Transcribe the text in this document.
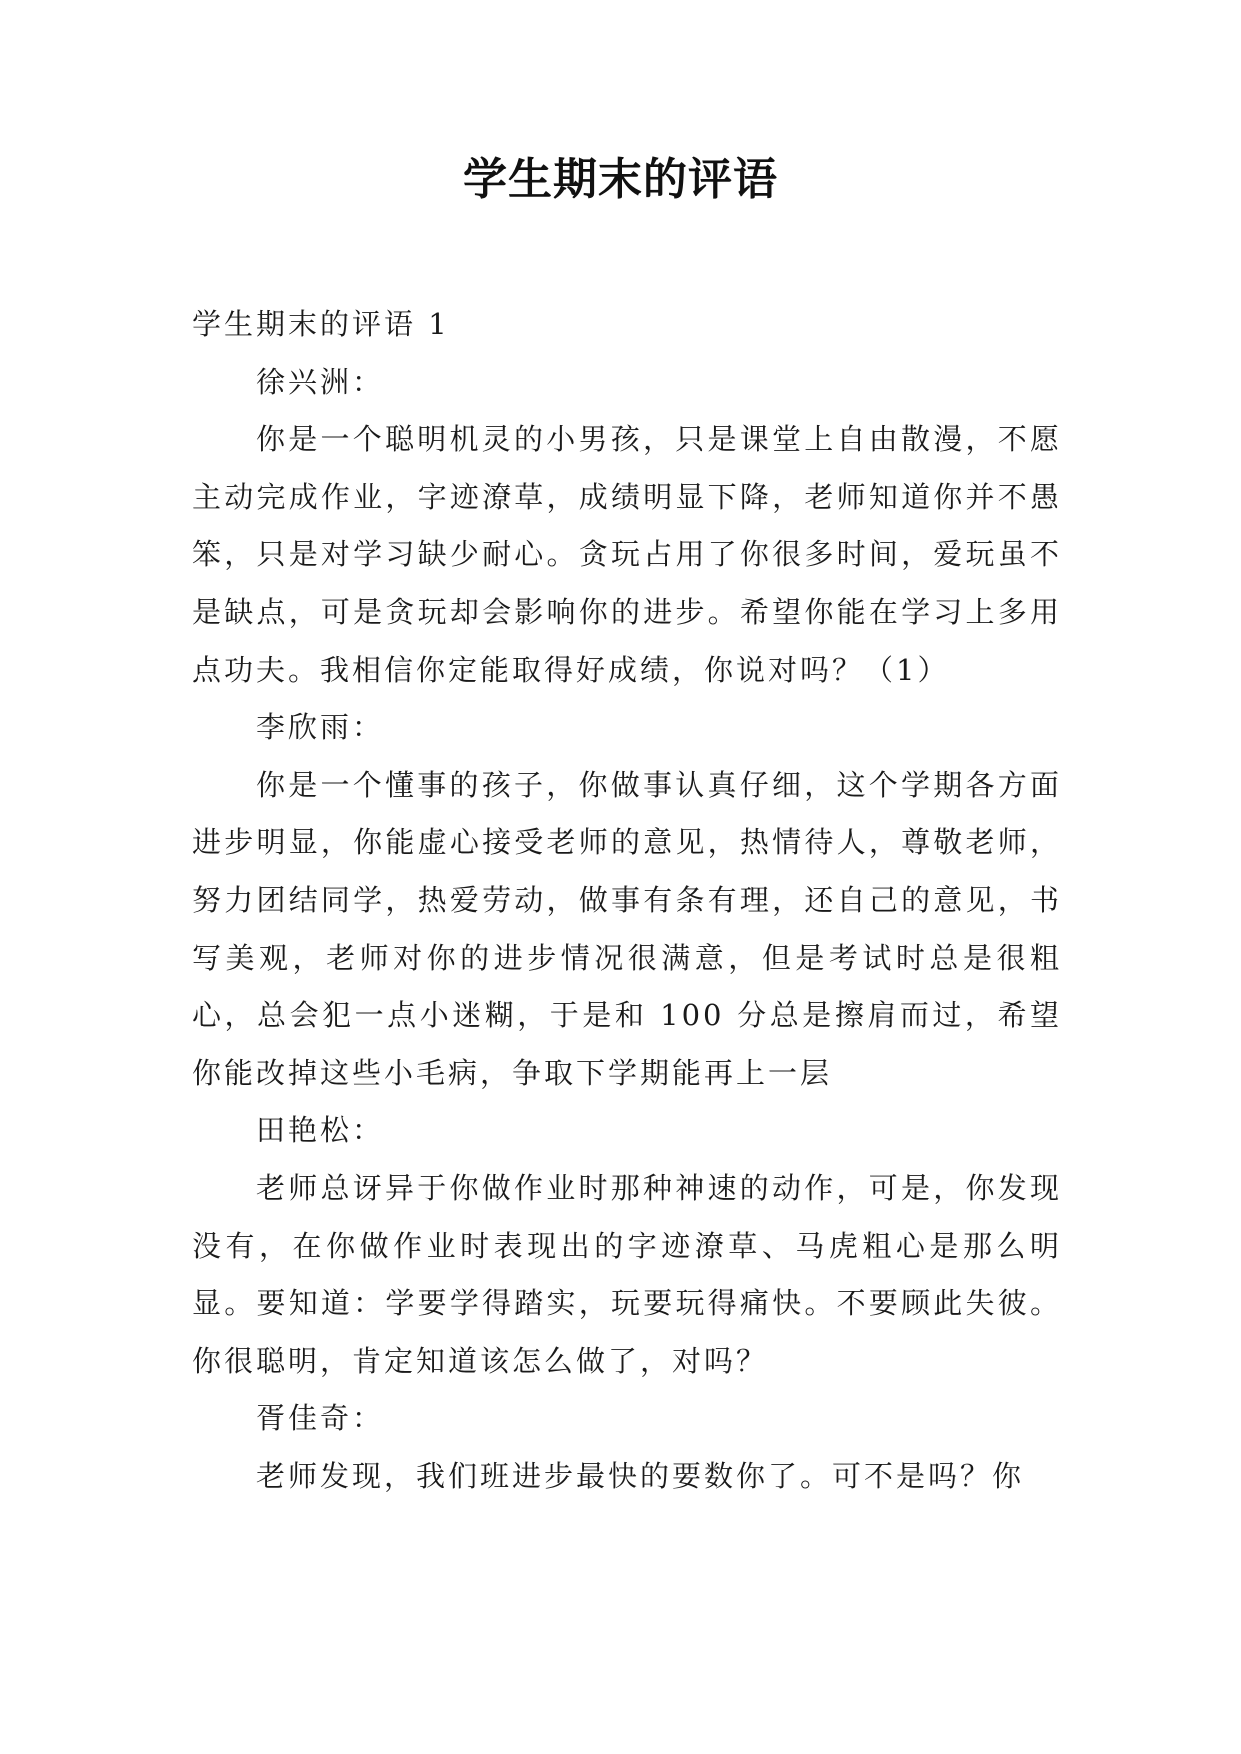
学生期末的评语

学生期末的评语 1

徐兴洲：

你是一个聪明机灵的小男孩，只是课堂上自由散漫，不愿主动完成作业，字迹潦草，成绩明显下降，老师知道你并不愚笨，只是对学习缺少耐心。贪玩占用了你很多时间，爱玩虽不是缺点，可是贪玩却会影响你的进步。希望你能在学习上多用点功夫。我相信你定能取得好成绩，你说对吗？（1）

李欣雨：

你是一个懂事的孩子，你做事认真仔细，这个学期各方面进步明显，你能虚心接受老师的意见，热情待人，尊敬老师，努力团结同学，热爱劳动，做事有条有理，还自己的意见，书写美观，老师对你的进步情况很满意，但是考试时总是很粗心，总会犯一点小迷糊，于是和 100 分总是擦肩而过，希望你能改掉这些小毛病，争取下学期能再上一层

田艳松：

老师总讶异于你做作业时那种神速的动作，可是，你发现没有，在你做作业时表现出的字迹潦草、马虎粗心是那么明显。要知道：学要学得踏实，玩要玩得痛快。不要顾此失彼。你很聪明，肯定知道该怎么做了，对吗？

胥佳奇：

老师发现，我们班进步最快的要数你了。可不是吗？你
